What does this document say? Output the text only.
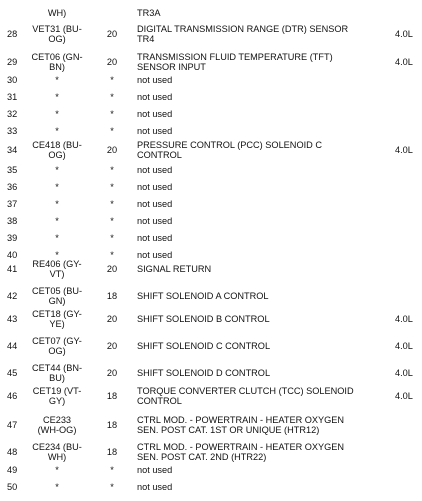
WH)	TR3A
28	VET31 (BU-
OG)	20	DIGITAL TRANSMISSION RANGE (DTR) SENSOR
TR4	4.0L
29	CET06 (GN-
BN)	20	TRANSMISSION FLUID TEMPERATURE (TFT)
SENSOR INPUT	4.0L
30	*	*	not used
31	*	*	not used
32	*	*	not used
33	*	*	not used
34	CE418 (BU-
OG)	20	PRESSURE CONTROL (PCC) SOLENOID C
CONTROL	4.0L
35	*	*	not used
36	*	*	not used
37	*	*	not used
38	*	*	not used
39	*	*	not used
40	*	*	not used
41	RE406 (GY-
VT)	20	SIGNAL RETURN
42	CET05 (BU-
GN)	18	SHIFT SOLENOID A CONTROL
43	CET18 (GY-
YE)	20	SHIFT SOLENOID B CONTROL	4.0L
44	CET07 (GY-
OG)	20	SHIFT SOLENOID C CONTROL	4.0L
45	CET44 (BN-
BU)	20	SHIFT SOLENOID D CONTROL	4.0L
46	CET19 (VT-
GY)	18	TORQUE CONVERTER CLUTCH (TCC) SOLENOID
CONTROL	4.0L
47	CE233
(WH-OG)	18	CTRL MOD. - POWERTRAIN - HEATER OXYGEN
SEN. POST CAT. 1ST OR UNIQUE (HTR12)
48	CE234 (BU-
WH)	18	CTRL MOD. - POWERTRAIN - HEATER OXYGEN
SEN. POST CAT. 2ND (HTR22)
49	*	*	not used
50	*	*	not used
